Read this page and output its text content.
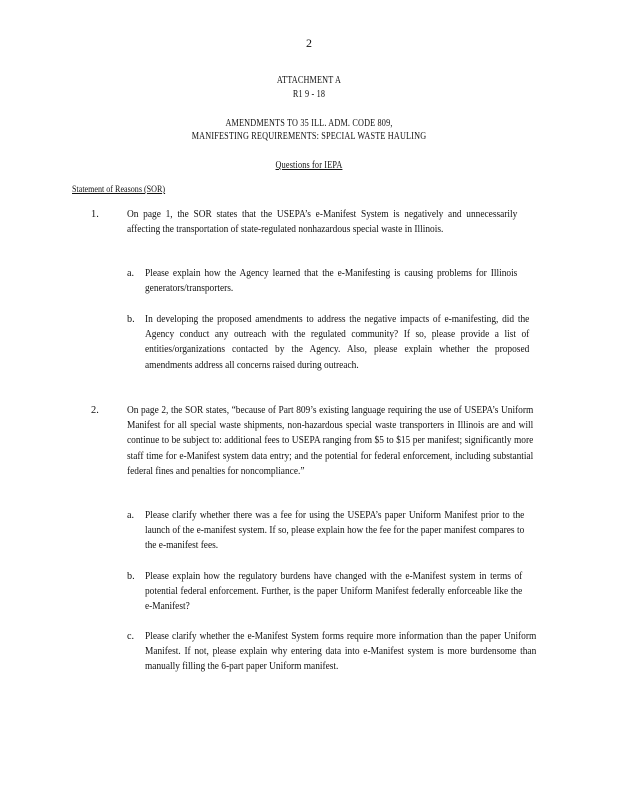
2
ATTACHMENT A
R1 9 - 18
AMENDMENTS TO 35 ILL. ADM. CODE 809,
MANIFESTING REQUIREMENTS: SPECIAL WASTE HAULING
Questions for IEPA
Statement of Reasons (SOR)
1.	On page 1, the SOR states that the USEPA’s e-Manifest System is negatively and unnecessarily affecting the transportation of state-regulated nonhazardous special waste in Illinois.
a. Please explain how the Agency learned that the e-Manifesting is causing problems for Illinois generators/transporters.
b. In developing the proposed amendments to address the negative impacts of e-manifesting, did the Agency conduct any outreach with the regulated community? If so, please provide a list of entities/organizations contacted by the Agency. Also, please explain whether the proposed amendments address all concerns raised during outreach.
2.	On page 2, the SOR states, “because of Part 809’s existing language requiring the use of USEPA’s Uniform Manifest for all special waste shipments, non-hazardous special waste transporters in Illinois are and will continue to be subject to: additional fees to USEPA ranging from $5 to $15 per manifest; significantly more staff time for e-Manifest system data entry; and the potential for federal enforcement, including substantial federal fines and penalties for noncompliance.”
a. Please clarify whether there was a fee for using the USEPA’s paper Uniform Manifest prior to the launch of the e-manifest system. If so, please explain how the fee for the paper manifest compares to the e-manifest fees.
b. Please explain how the regulatory burdens have changed with the e-Manifest system in terms of potential federal enforcement. Further, is the paper Uniform Manifest federally enforceable like the e-Manifest?
c. Please clarify whether the e-Manifest System forms require more information than the paper Uniform Manifest. If not, please explain why entering data into e-Manifest system is more burdensome than manually filling the 6-part paper Uniform manifest.
